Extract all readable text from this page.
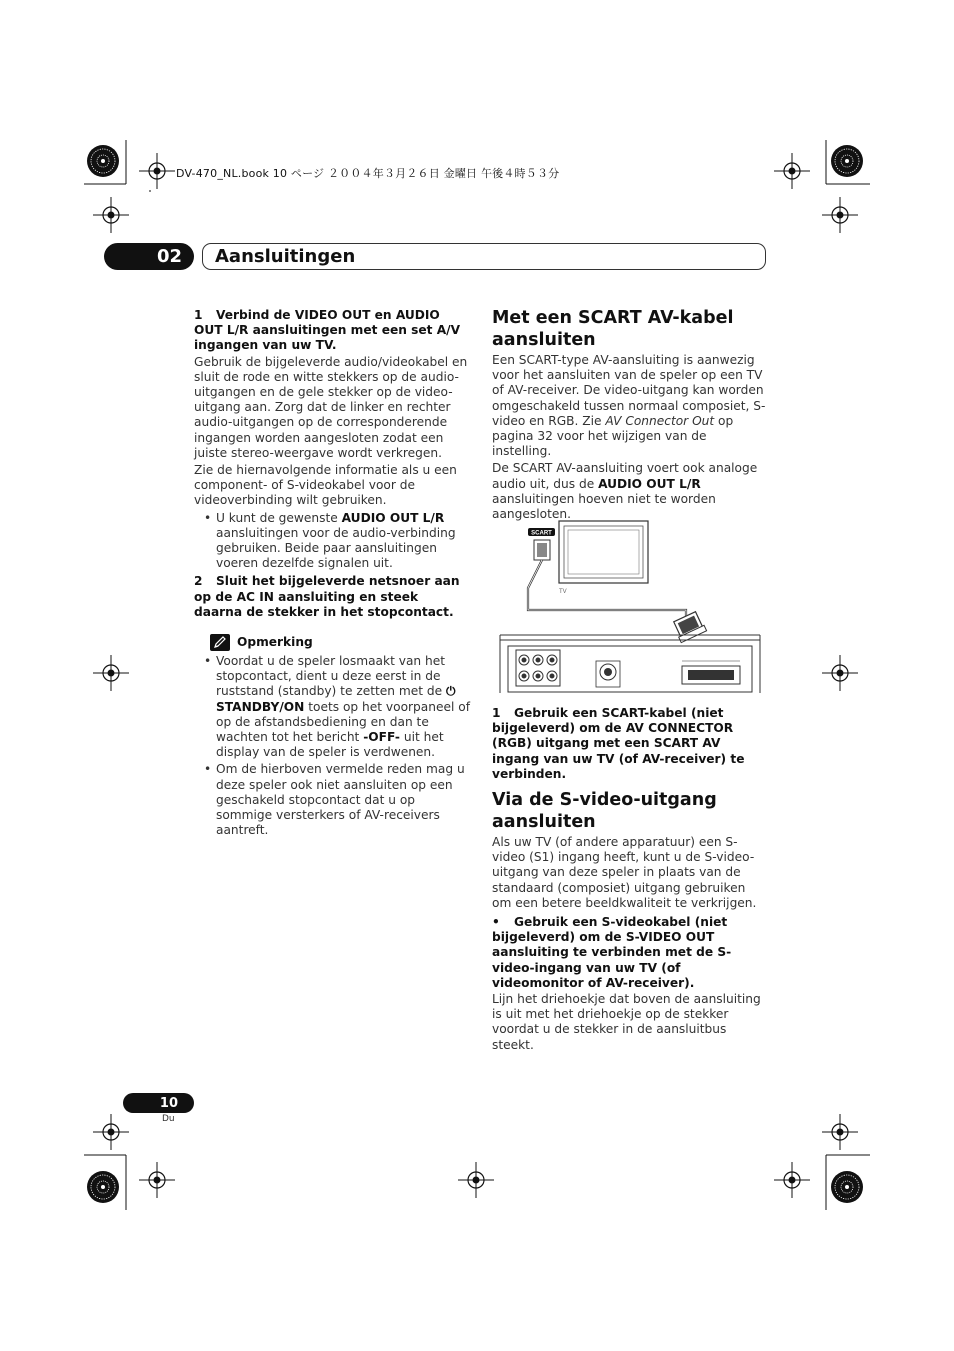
DV-470_NL.book 10 ページ ２００４年３月２６日 金曜日 午後４時５３分
02 Aansluitingen

1 Verbind de VIDEO OUT en AUDIO OUT L/R aansluitingen met een set A/V ingangen van uw TV.

Gebruik de bijgeleverde audio/videokabel en sluit de rode en witte stekkers op de audio-uitgangen en de gele stekker op de video-uitgang aan. Zorg dat de linker en rechter audio-uitgangen op de corresponderende ingangen worden aangesloten zodat een juiste stereo-weergave wordt verkregen.

Zie de hiernavolgende informatie als u een component- of S-videokabel voor de videoverbinding wilt gebruiken.

• U kunt de gewenste AUDIO OUT L/R aansluitingen voor de audio-verbinding gebruiken. Beide paar aansluitingen voeren dezelfde signalen uit.

2 Sluit het bijgeleverde netsnoer aan op de AC IN aansluiting en steek daarna de stekker in het stopcontact.

Opmerking

• Voordat u de speler losmaakt van het stopcontact, dient u deze eerst in de ruststand (standby) te zetten met de ⏻ STANDBY/ON toets op het voorpaneel of op de afstandsbediening en dan te wachten tot het bericht -OFF- uit het display van de speler is verdwenen.

• Om de hierboven vermelde reden mag u deze speler ook niet aansluiten op een geschakeld stopcontact dat u op sommige versterkers of AV-receivers aantreft.

Met een SCART AV-kabel aansluiten

Een SCART-type AV-aansluiting is aanwezig voor het aansluiten van de speler op een TV of AV-receiver. De video-uitgang kan worden omgeschakeld tussen normaal composiet, S-video en RGB. Zie AV Connector Out op pagina 32 voor het wijzigen van de instelling.

De SCART AV-aansluiting voert ook analoge audio uit, dus de AUDIO OUT L/R aansluitingen hoeven niet te worden aangesloten.

SCART
TV

1 Gebruik een SCART-kabel (niet bijgeleverd) om de AV CONNECTOR (RGB) uitgang met een SCART AV ingang van uw TV (of AV-receiver) te verbinden.

Via de S-video-uitgang aansluiten

Als uw TV (of andere apparatuur) een S-video (S1) ingang heeft, kunt u de S-video-uitgang van deze speler in plaats van de standaard (composiet) uitgang gebruiken om een betere beeldkwaliteit te verkrijgen.

• Gebruik een S-videokabel (niet bijgeleverd) om de S-VIDEO OUT aansluiting te verbinden met de S-video-ingang van uw TV (of videomonitor of AV-receiver).

Lijn het driehoekje dat boven de aansluiting is uit met het driehoekje op de stekker voordat u de stekker in de aansluitbus steekt.

10
Du
